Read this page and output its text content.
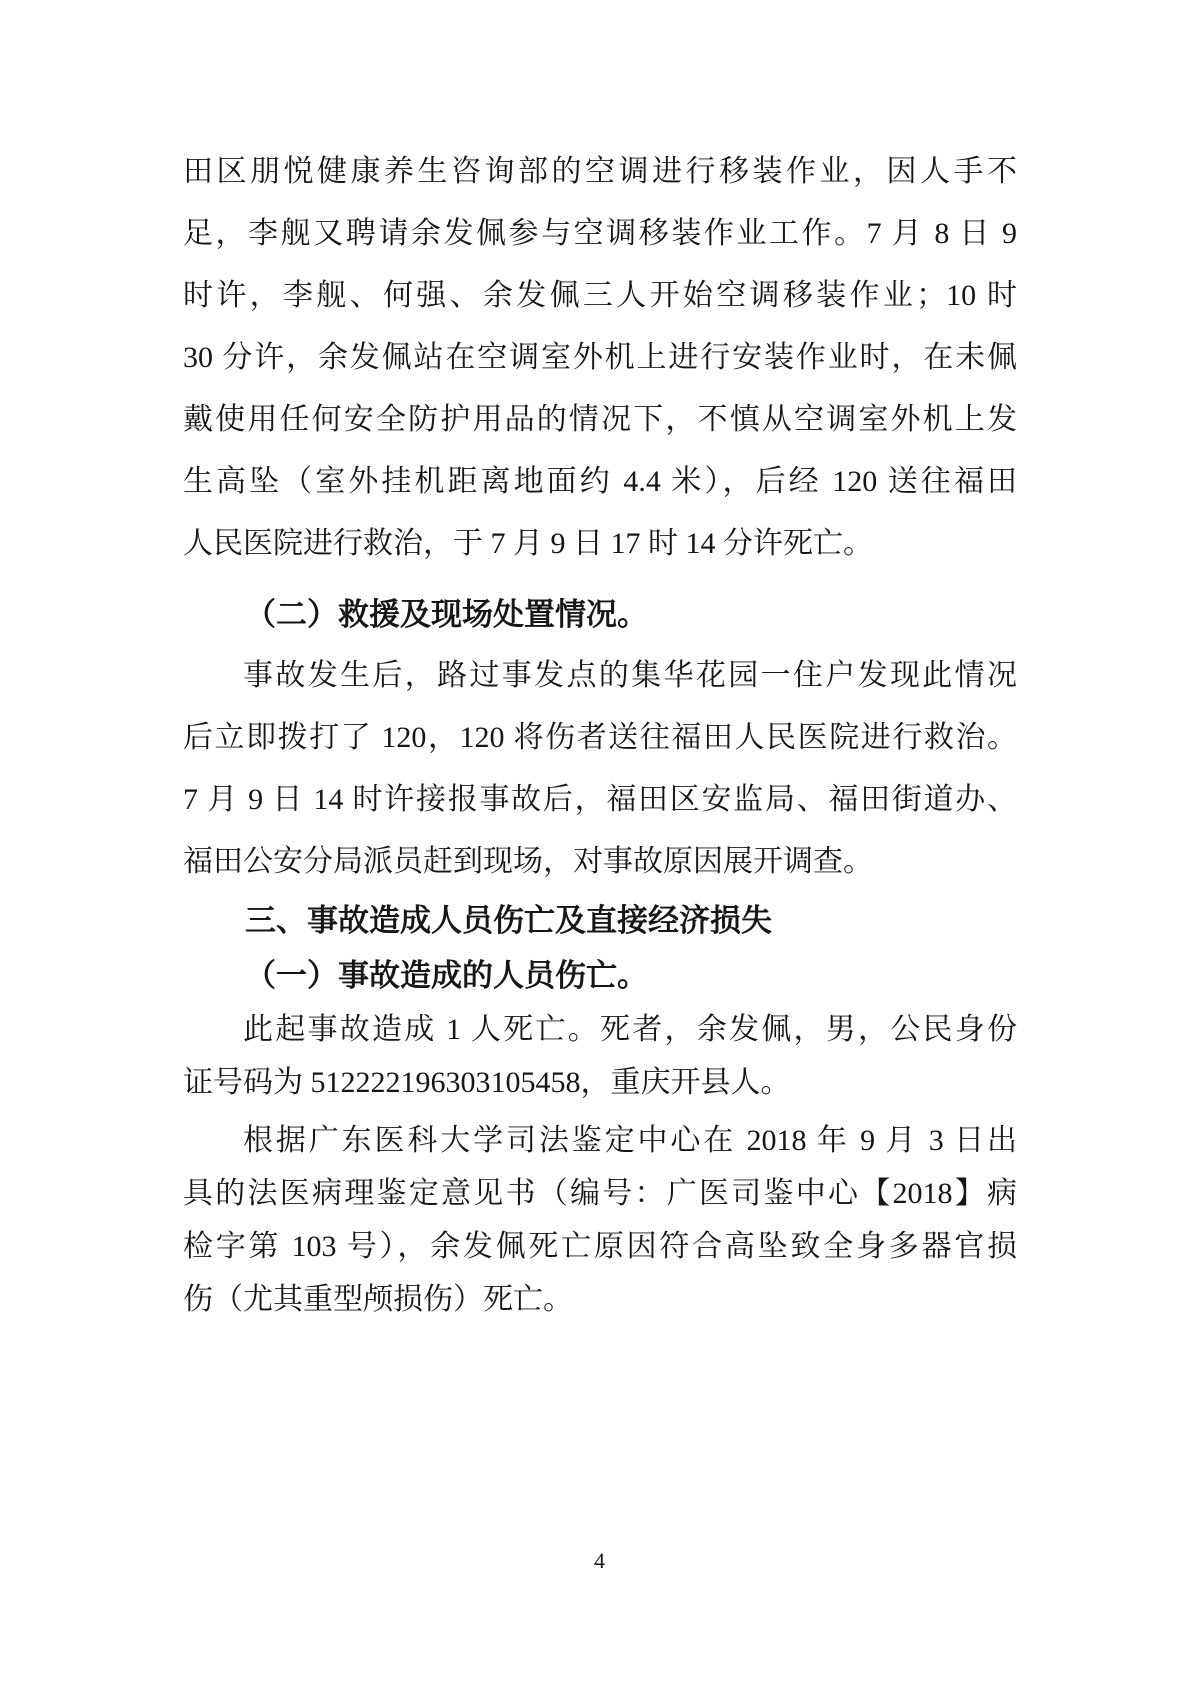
田区朋悦健康养生咨询部的空调进行移装作业，因人手不
足，李舰又聘请余发佩参与空调移装作业工作。7 月 8 日 9
时许，李舰、何强、余发佩三人开始空调移装作业；10 时
30 分许，余发佩站在空调室外机上进行安装作业时，在未佩
戴使用任何安全防护用品的情况下，不慎从空调室外机上发
生高坠（室外挂机距离地面约 4.4 米），后经 120 送往福田
人民医院进行救治，于 7 月 9 日 17 时 14 分许死亡。
（二）救援及现场处置情况。
事故发生后，路过事发点的集华花园一住户发现此情况
后立即拨打了 120，120 将伤者送往福田人民医院进行救治。
7 月 9 日 14 时许接报事故后，福田区安监局、福田街道办、
福田公安分局派员赶到现场，对事故原因展开调查。
三、事故造成人员伤亡及直接经济损失
（一）事故造成的人员伤亡。
此起事故造成 1 人死亡。死者，余发佩，男，公民身份
证号码为 512222196303105458，重庆开县人。
根据广东医科大学司法鉴定中心在 2018 年 9 月 3 日出
具的法医病理鉴定意见书（编号：广医司鉴中心【2018】病
检字第 103 号），余发佩死亡原因符合高坠致全身多器官损
伤（尤其重型颅损伤）死亡。
4
